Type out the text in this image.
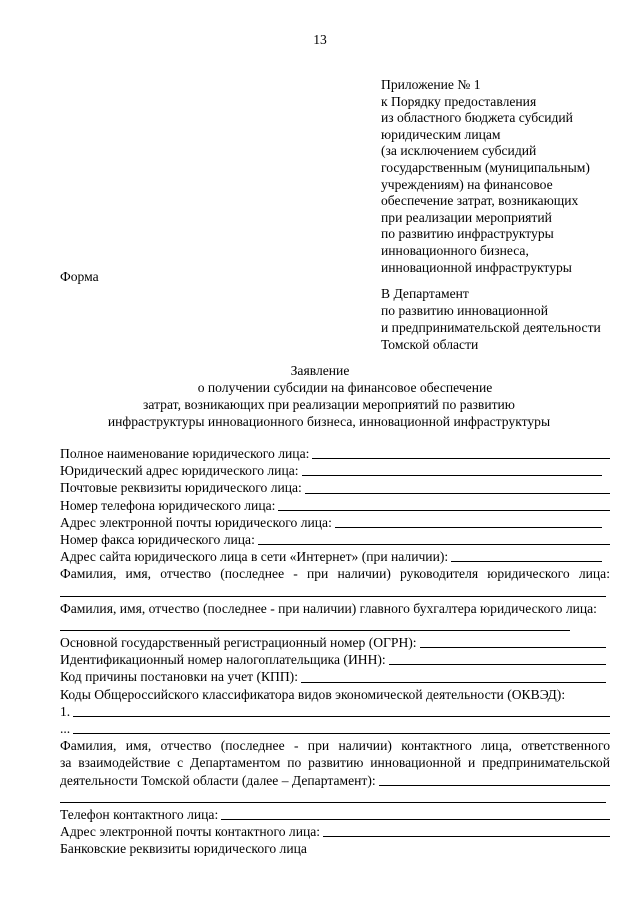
13
Приложение № 1
к Порядку предоставления
из областного бюджета субсидий
юридическим лицам
(за исключением субсидий
государственным (муниципальным)
учреждениям) на финансовое
обеспечение затрат, возникающих
при реализации мероприятий
по развитию инфраструктуры
инновационного бизнеса,
инновационной инфраструктуры
Форма
В Департамент
по развитию инновационной
и предпринимательской деятельности
Томской области
Заявление
о получении субсидии на финансовое обеспечение
затрат, возникающих при реализации мероприятий по развитию
инфраструктуры инновационного бизнеса, инновационной инфраструктуры
Полное наименование юридического лица:
Юридический адрес юридического лица:
Почтовые реквизиты юридического лица:
Номер телефона юридического лица:
Адрес электронной почты юридического лица:
Номер факса юридического лица:
Адрес сайта юридического лица в сети «Интернет» (при наличии):
Фамилия, имя, отчество (последнее - при наличии) руководителя юридического лица:
Фамилия, имя, отчество (последнее - при наличии) главного бухгалтера юридического лица:
Основной государственный регистрационный номер (ОГРН):
Идентификационный номер налогоплательщика (ИНН):
Код причины постановки на учет (КПП):
Коды Общероссийского классификатора видов экономической деятельности (ОКВЭД):
1.
...
Фамилия, имя, отчество (последнее - при наличии) контактного лица, ответственного
за взаимодействие с Департаментом по развитию инновационной и предпринимательской
деятельности Томской области (далее – Департамент):
Телефон контактного лица:
Адрес электронной почты контактного лица:
Банковские реквизиты юридического лица
